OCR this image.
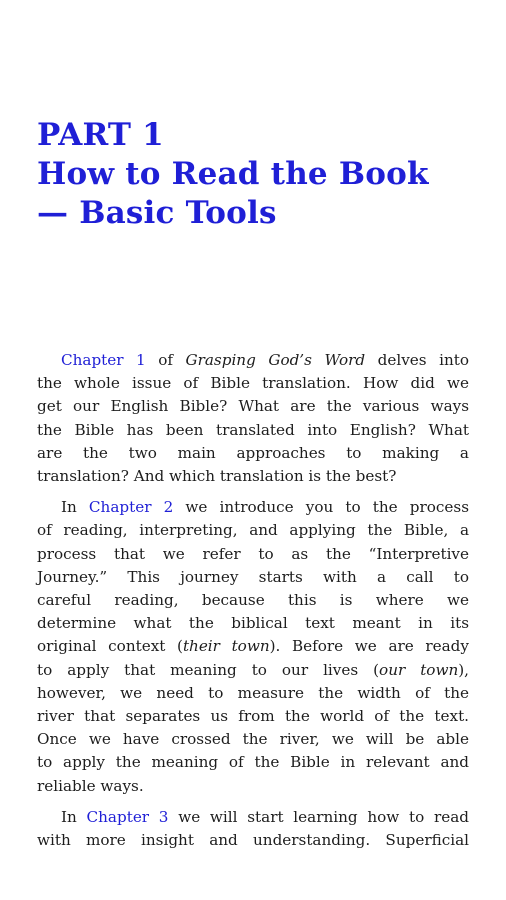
PART 1
How to Read the Book
— Basic Tools

Chapter 1 of Grasping God’s Word delves into
the whole issue of Bible translation. How did we
get our English Bible? What are the various ways
the Bible has been translated into English? What
are the two main approaches to making a
translation? And which translation is the best?

In Chapter 2 we introduce you to the process
of reading, interpreting, and applying the Bible, a
process that we refer to as the “Interpretive
Journey.” This journey starts with a call to
careful reading, because this is where we
determine what the biblical text meant in its
original context (their town). Before we are ready
to apply that meaning to our lives (our town),
however, we need to measure the width of the
river that separates us from the world of the text.
Once we have crossed the river, we will be able
to apply the meaning of the Bible in relevant and
reliable ways.

In Chapter 3 we will start learning how to read
with more insight and understanding. Superficial
